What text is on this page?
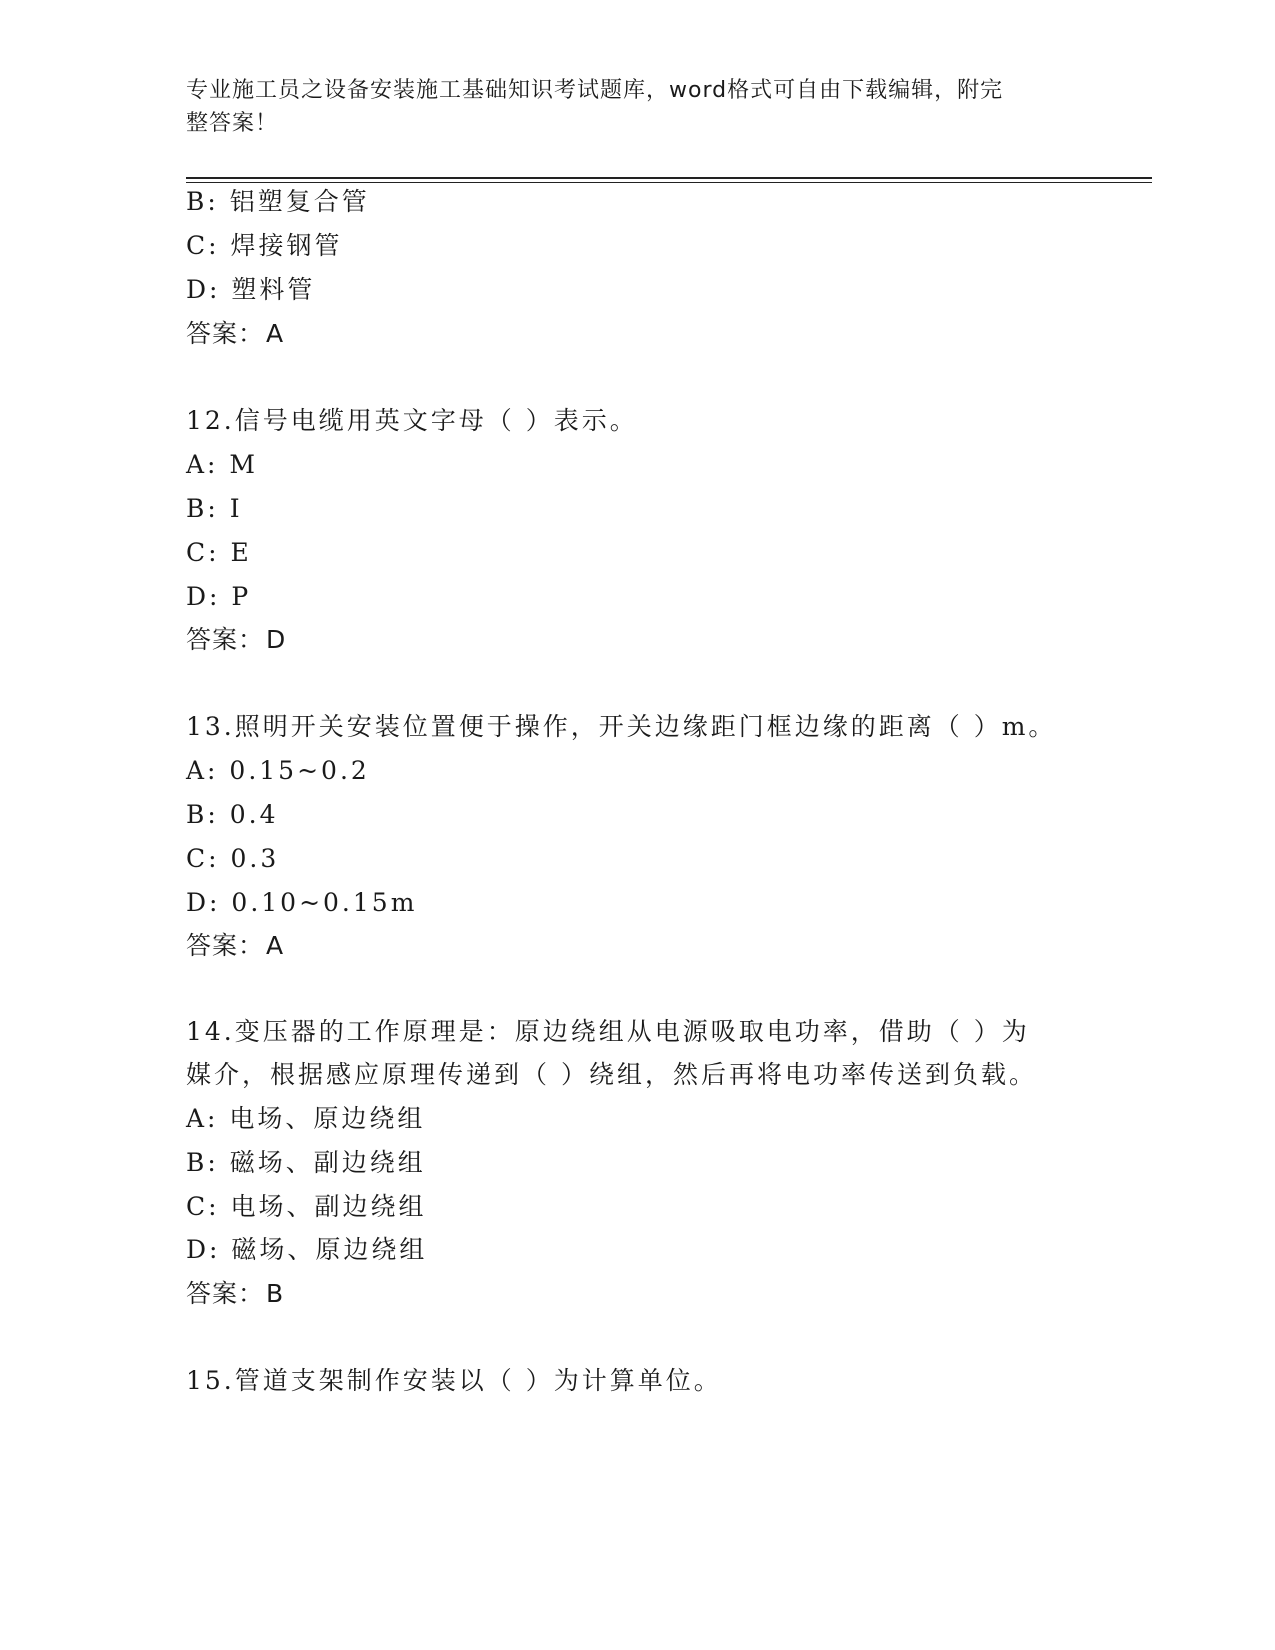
专业施工员之设备安装施工基础知识考试题库，word格式可自由下载编辑，附完
整答案！
B: 铝塑复合管
C: 焊接钢管
D: 塑料管
答案：A
12.信号电缆用英文字母（ ）表示。
A: M
B: I
C: E
D: P
答案：D
13.照明开关安装位置便于操作，开关边缘距门框边缘的距离（ ）m。
A: 0.15~0.2
B: 0.4
C: 0.3
D: 0.10~0.15m
答案：A
14.变压器的工作原理是：原边绕组从电源吸取电功率，借助（ ）为
媒介，根据感应原理传递到（ ）绕组，然后再将电功率传送到负载。
A: 电场、原边绕组
B: 磁场、副边绕组
C: 电场、副边绕组
D: 磁场、原边绕组
答案：B
15.管道支架制作安装以（ ）为计算单位。
